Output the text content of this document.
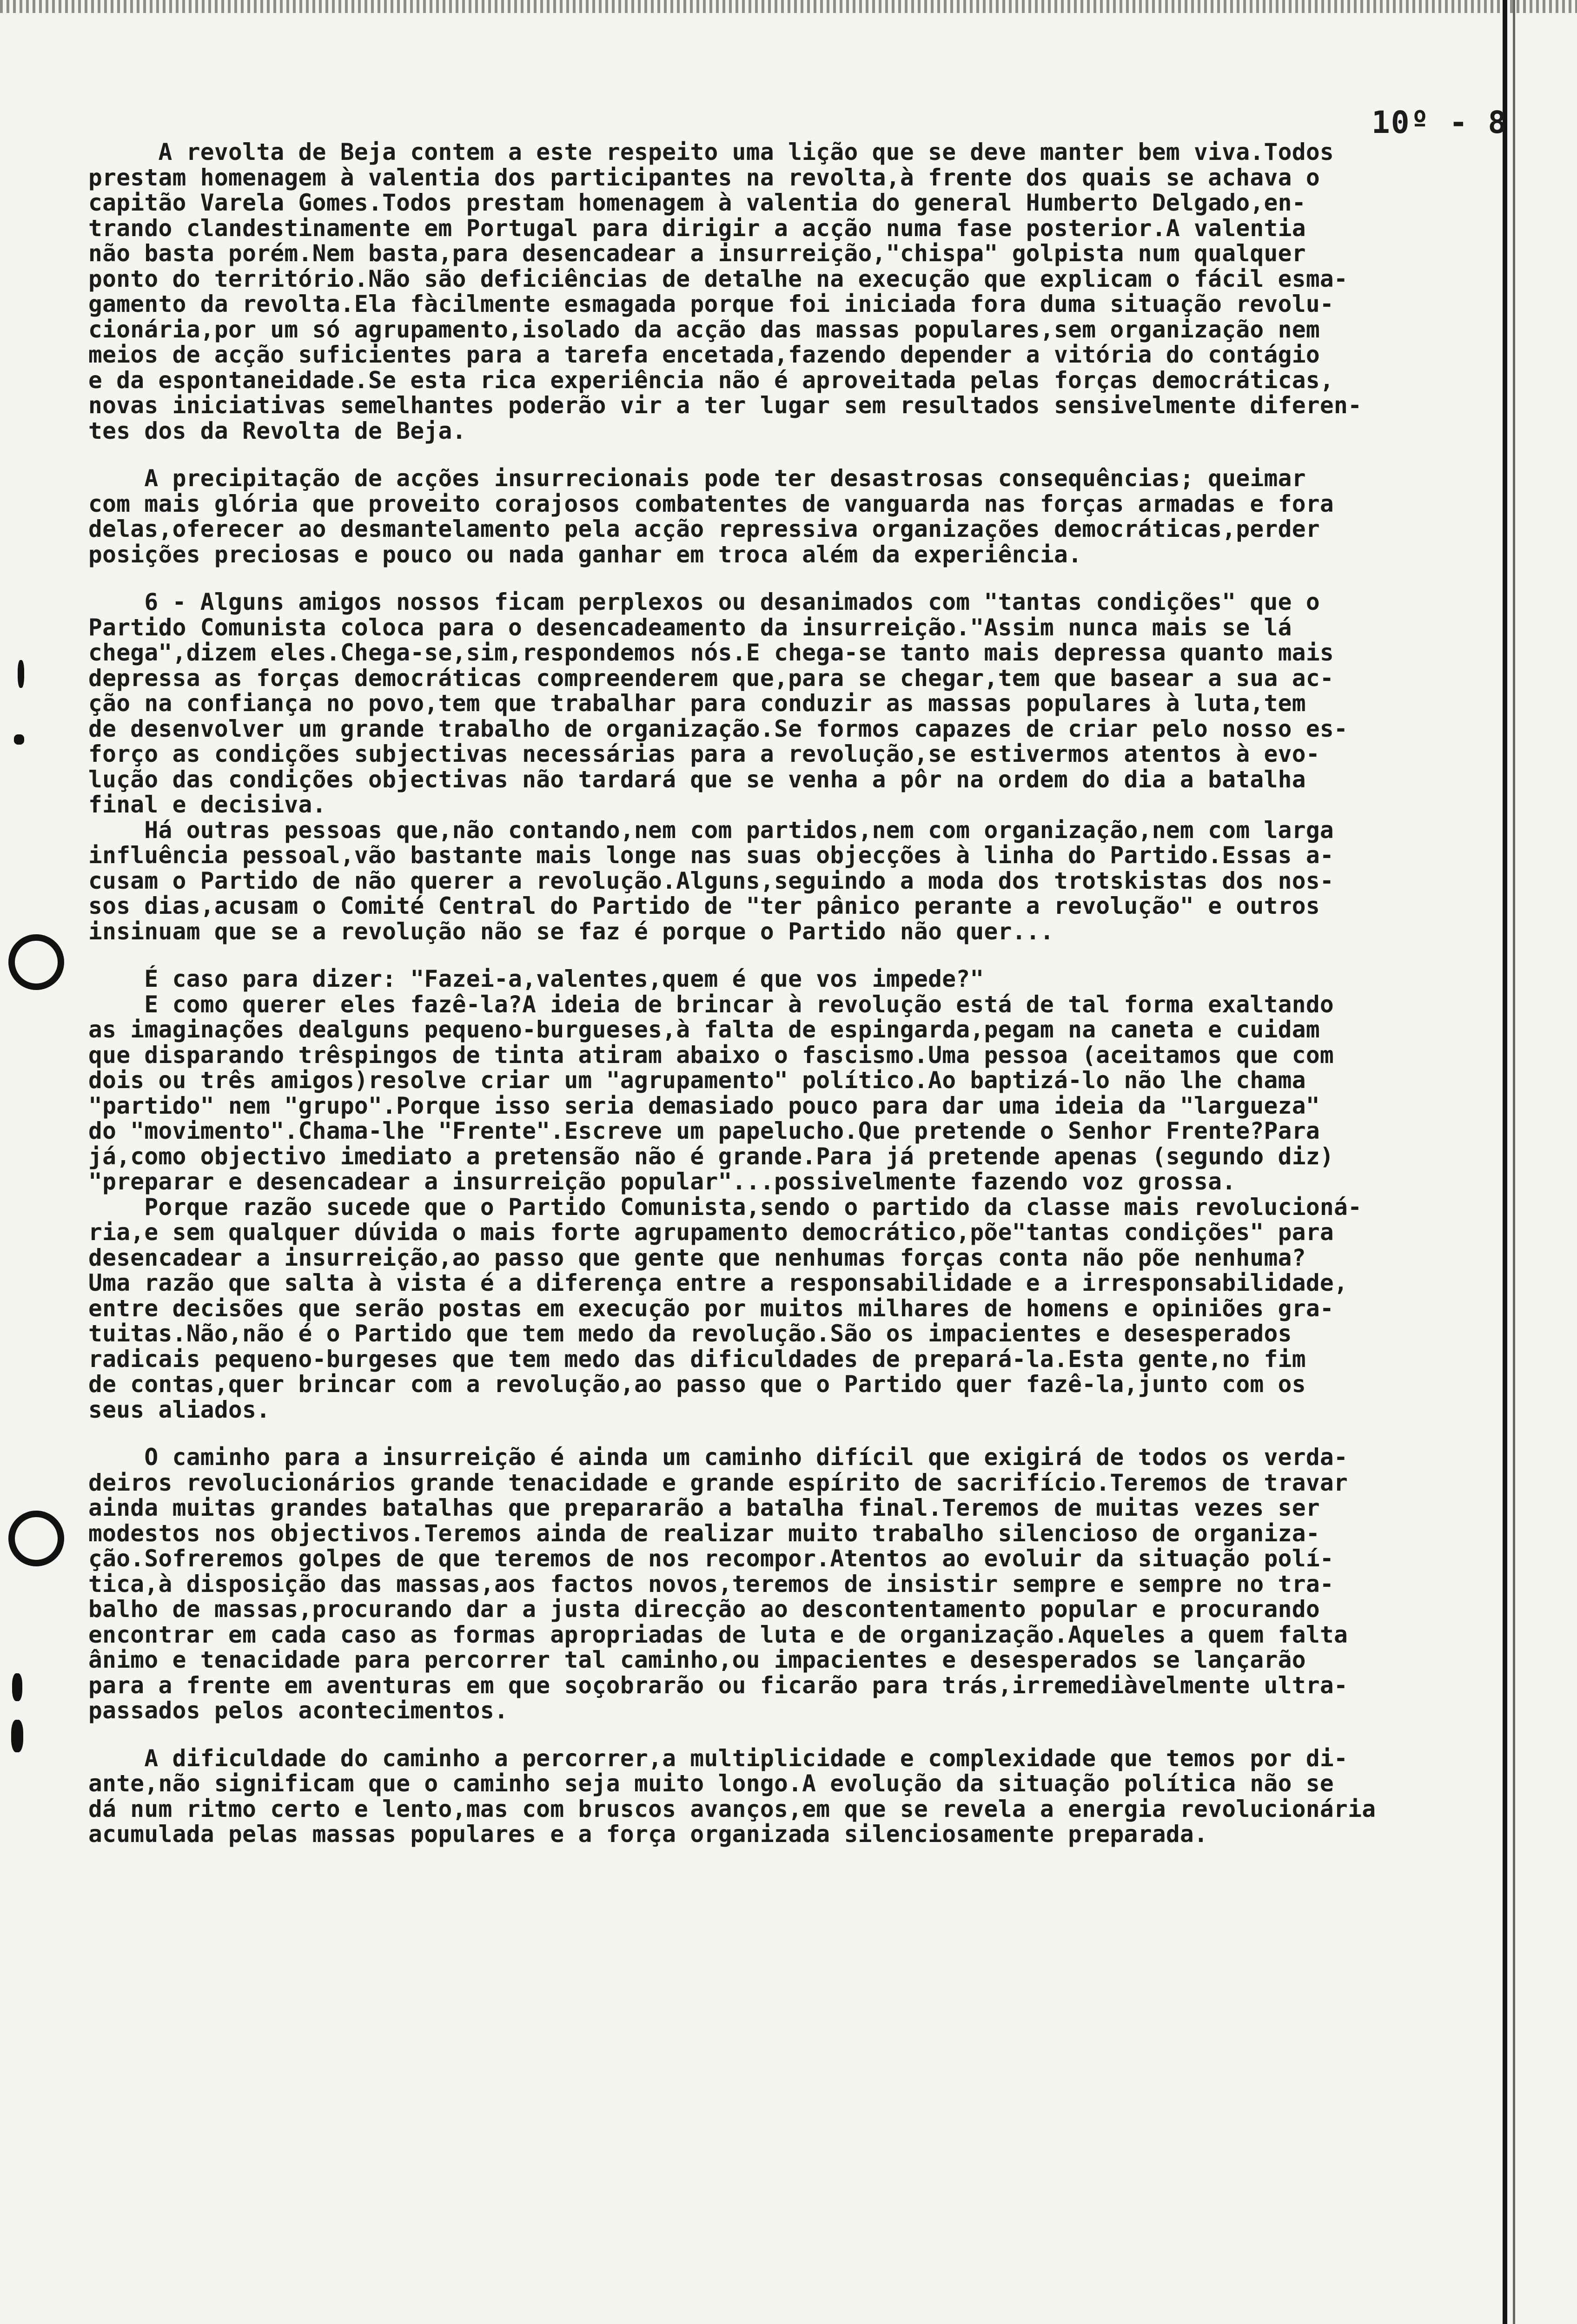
10º - 8
A revolta de Beja contem a este respeito uma lição que se deve manter bem viva.Todos
prestam homenagem à valentia dos participantes na revolta,à frente dos quais se achava o
capitão Varela Gomes.Todos prestam homenagem à valentia do general Humberto Delgado,en-
trando clandestinamente em Portugal para dirigir a acção numa fase posterior.A valentia
não basta porém.Nem basta,para desencadear a insurreição,"chispa" golpista num qualquer
ponto do território.Não são deficiências de detalhe na execução que explicam o fácil esma-
gamento da revolta.Ela fàcilmente esmagada porque foi iniciada fora duma situação revolu-
cionária,por um só agrupamento,isolado da acção das massas populares,sem organização nem
meios de acção suficientes para a tarefa encetada,fazendo depender a vitória do contágio
e da espontaneidade.Se esta rica experiência não é aproveitada pelas forças democráticas,
novas iniciativas semelhantes poderão vir a ter lugar sem resultados sensivelmente diferen-
tes dos da Revolta de Beja.
A precipitação de acções insurrecionais pode ter desastrosas consequências; queimar
com mais glória que proveito corajosos combatentes de vanguarda nas forças armadas e fora
delas,oferecer ao desmantelamento pela acção repressiva organizações democráticas,perder
posições preciosas e pouco ou nada ganhar em troca além da experiência.
6 - Alguns amigos nossos ficam perplexos ou desanimados com "tantas condições" que o
Partido Comunista coloca para o desencadeamento da insurreição."Assim nunca mais se lá
chega",dizem eles.Chega-se,sim,respondemos nós.E chega-se tanto mais depressa quanto mais
depressa as forças democráticas compreenderem que,para se chegar,tem que basear a sua ac-
ção na confiança no povo,tem que trabalhar para conduzir as massas populares à luta,tem
de desenvolver um grande trabalho de organização.Se formos capazes de criar pelo nosso es-
forço as condições subjectivas necessárias para a revolução,se estivermos atentos à evo-
lução das condições objectivas não tardará que se venha a pôr na ordem do dia a batalha
final e decisiva.
Há outras pessoas que,não contando,nem com partidos,nem com organização,nem com larga
influência pessoal,vão bastante mais longe nas suas objecções à linha do Partido.Essas a-
cusam o Partido de não querer a revolução.Alguns,seguindo a moda dos trotskistas dos nos-
sos dias,acusam o Comité Central do Partido de "ter pânico perante a revolução" e outros
insinuam que se a revolução não se faz é porque o Partido não quer...
É caso para dizer: "Fazei-a,valentes,quem é que vos impede?"
E como querer eles fazê-la?A ideia de brincar à revolução está de tal forma exaltando
as imaginações dealguns pequeno-burgueses,à falta de espingarda,pegam na caneta e cuidam
que disparando trêspingos de tinta atiram abaixo o fascismo.Uma pessoa (aceitamos que com
dois ou três amigos)resolve criar um "agrupamento" político.Ao baptizá-lo não lhe chama
"partido" nem "grupo".Porque isso seria demasiado pouco para dar uma ideia da "largueza"
do "movimento".Chama-lhe "Frente".Escreve um papelucho.Que pretende o Senhor Frente?Para
já,como objectivo imediato a pretensão não é grande.Para já pretende apenas (segundo diz)
"preparar e desencadear a insurreição popular"...possivelmente fazendo voz grossa.
Porque razão sucede que o Partido Comunista,sendo o partido da classe mais revolucioná-
ria,e sem qualquer dúvida o mais forte agrupamento democrático,põe"tantas condições" para
desencadear a insurreição,ao passo que gente que nenhumas forças conta não põe nenhuma?
Uma razão que salta à vista é a diferença entre a responsabilidade e a irresponsabilidade,
entre decisões que serão postas em execução por muitos milhares de homens e opiniões gra-
tuitas.Não,não é o Partido que tem medo da revolução.São os impacientes e desesperados
radicais pequeno-burgeses que tem medo das dificuldades de prepará-la.Esta gente,no fim
de contas,quer brincar com a revolução,ao passo que o Partido quer fazê-la,junto com os
seus aliados.
O caminho para a insurreição é ainda um caminho difícil que exigirá de todos os verda-
deiros revolucionários grande tenacidade e grande espírito de sacrifício.Teremos de travar
ainda muitas grandes batalhas que prepararão a batalha final.Teremos de muitas vezes ser
modestos nos objectivos.Teremos ainda de realizar muito trabalho silencioso de organiza-
ção.Sofreremos golpes de que teremos de nos recompor.Atentos ao evoluir da situação polí-
tica,à disposição das massas,aos factos novos,teremos de insistir sempre e sempre no tra-
balho de massas,procurando dar a justa direcção ao descontentamento popular e procurando
encontrar em cada caso as formas apropriadas de luta e de organização.Aqueles a quem falta
ânimo e tenacidade para percorrer tal caminho,ou impacientes e desesperados se lançarão
para a frente em aventuras em que soçobrarão ou ficarão para trás,irremediàvelmente ultra-
passados pelos acontecimentos.
A dificuldade do caminho a percorrer,a multiplicidade e complexidade que temos por di-
ante,não significam que o caminho seja muito longo.A evolução da situação política não se
dá num ritmo certo e lento,mas com bruscos avanços,em que se revela a energia revolucionária
acumulada pelas massas populares e a força organizada silenciosamente preparada.
